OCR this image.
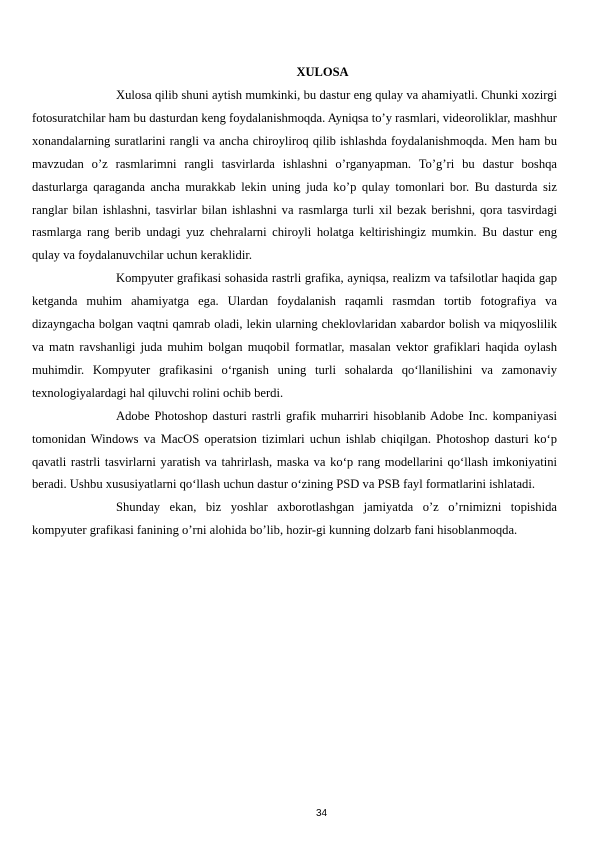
XULOSA

Xulosa qilib shuni aytish mumkinki, bu dastur eng qulay va ahamiyatli. Chunki xozirgi fotosuratchilar ham bu dasturdan keng foydalanishmoqda. Ayniqsa to’y rasmlari, videoroliklar, mashhur xonandalarning suratlarini rangli va ancha chiroyliroq qilib ishlashda foydalanishmoqda. Men ham bu mavzudan o’z rasmlarimni rangli tasvirlarda ishlashni o’rganyapman. To’g’ri bu dastur boshqa dasturlarga qaraganda ancha murakkab lekin uning juda ko’p qulay tomonlari bor. Bu dasturda siz ranglar bilan ishlashni, tasvirlar bilan ishlashni va rasmlarga turli xil bezak berishni, qora tasvirdagi rasmlarga rang berib undagi yuz chehralarni chiroyli holatga keltirishingiz mumkin. Bu dastur eng qulay va foydalanuvchilar uchun keraklidir.

Kompyuter grafikasi sohasida rastrli grafika, ayniqsa, realizm va tafsilotlar haqida gap ketganda muhim ahamiyatga ega. Ulardan foydalanish raqamli rasmdan tortib fotografiya va dizayngacha bolgan vaqtni qamrab oladi, lekin ularning cheklovlaridan xabardor bolish va miqyoslilik va matn ravshanligi juda muhim bolgan muqobil formatlar, masalan vektor grafiklari haqida oylash muhimdir. Kompyuter grafikasini o‘rganish uning turli sohalarda qo‘llanilishini va zamonaviy texnologiyalardagi hal qiluvchi rolini ochib berdi.

Adobe Photoshop dasturi rastrli grafik muharriri hisoblanib Adobe Inc. kompaniyasi tomonidan Windows va MacOS operatsion tizimlari uchun ishlab chiqilgan. Photoshop dasturi ko‘p qavatli rastrli tasvirlarni yaratish va tahrirlash, maska va ko‘p rang modellarini qo‘llash imkoniyatini beradi. Ushbu xususiyatlarni qo‘llash uchun dastur o‘zining PSD va PSB fayl formatlarini ishlatadi.

Shunday ekan, biz yoshlar axborotlashgan jamiyatda o’z o’rnimizni topishida kompyuter grafikasi fanining o’rni alohida bo’lib, hozir-gi kunning dolzarb fani hisoblanmoqda.

34
